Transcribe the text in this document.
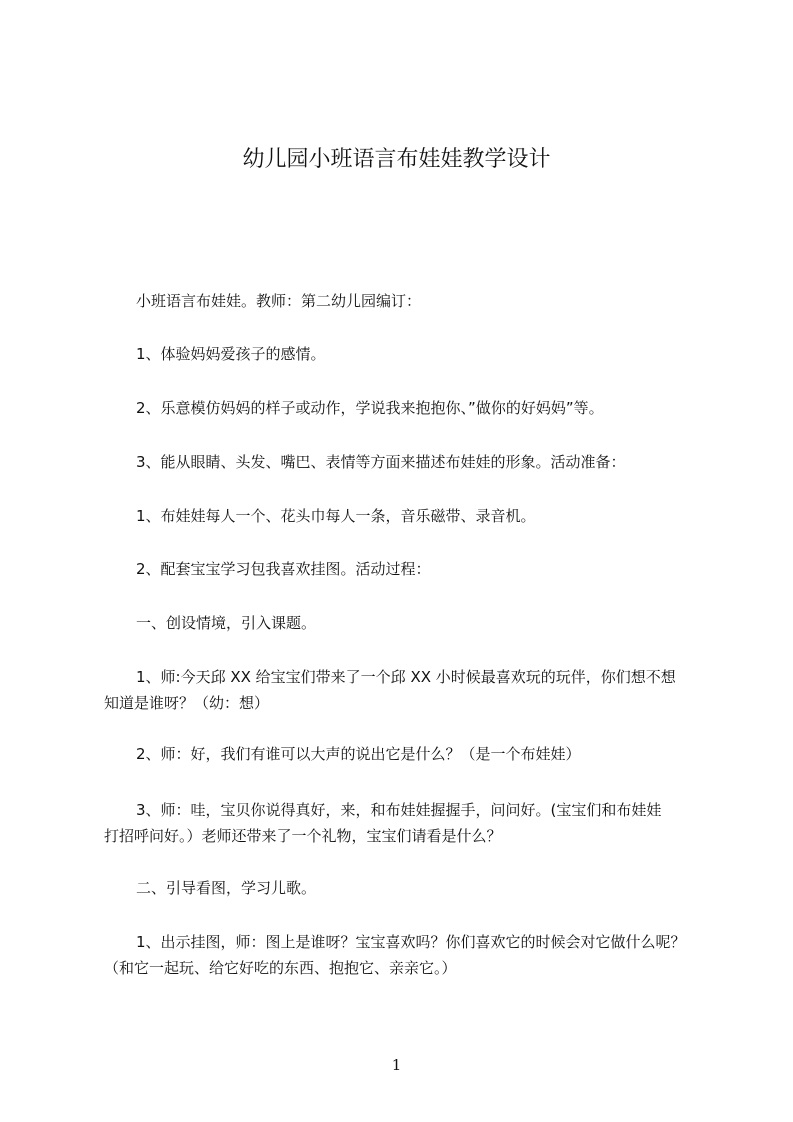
幼儿园小班语言布娃娃教学设计

小班语言布娃娃。教师：第二幼儿园编订：

1、体验妈妈爱孩子的感情。

2、乐意模仿妈妈的样子或动作，学说我来抱抱你、”做你的好妈妈”等。

3、能从眼睛、头发、嘴巴、表情等方面来描述布娃娃的形象。活动准备：

1、布娃娃每人一个、花头巾每人一条，音乐磁带、录音机。

2、配套宝宝学习包我喜欢挂图。活动过程：

一、创设情境，引入课题。

1、师:今天邱 XX 给宝宝们带来了一个邱 XX 小时候最喜欢玩的玩伴，你们想不想

知道是谁呀？（幼：想）

2、师：好，我们有谁可以大声的说出它是什么？（是一个布娃娃）

3、师：哇，宝贝你说得真好，来，和布娃娃握握手，问问好。(宝宝们和布娃娃

打招呼问好。）老师还带来了一个礼物，宝宝们请看是什么？

二、引导看图，学习儿歌。

1、出示挂图，师：图上是谁呀？宝宝喜欢吗？你们喜欢它的时候会对它做什么呢？

（和它一起玩、给它好吃的东西、抱抱它、亲亲它。）

1
